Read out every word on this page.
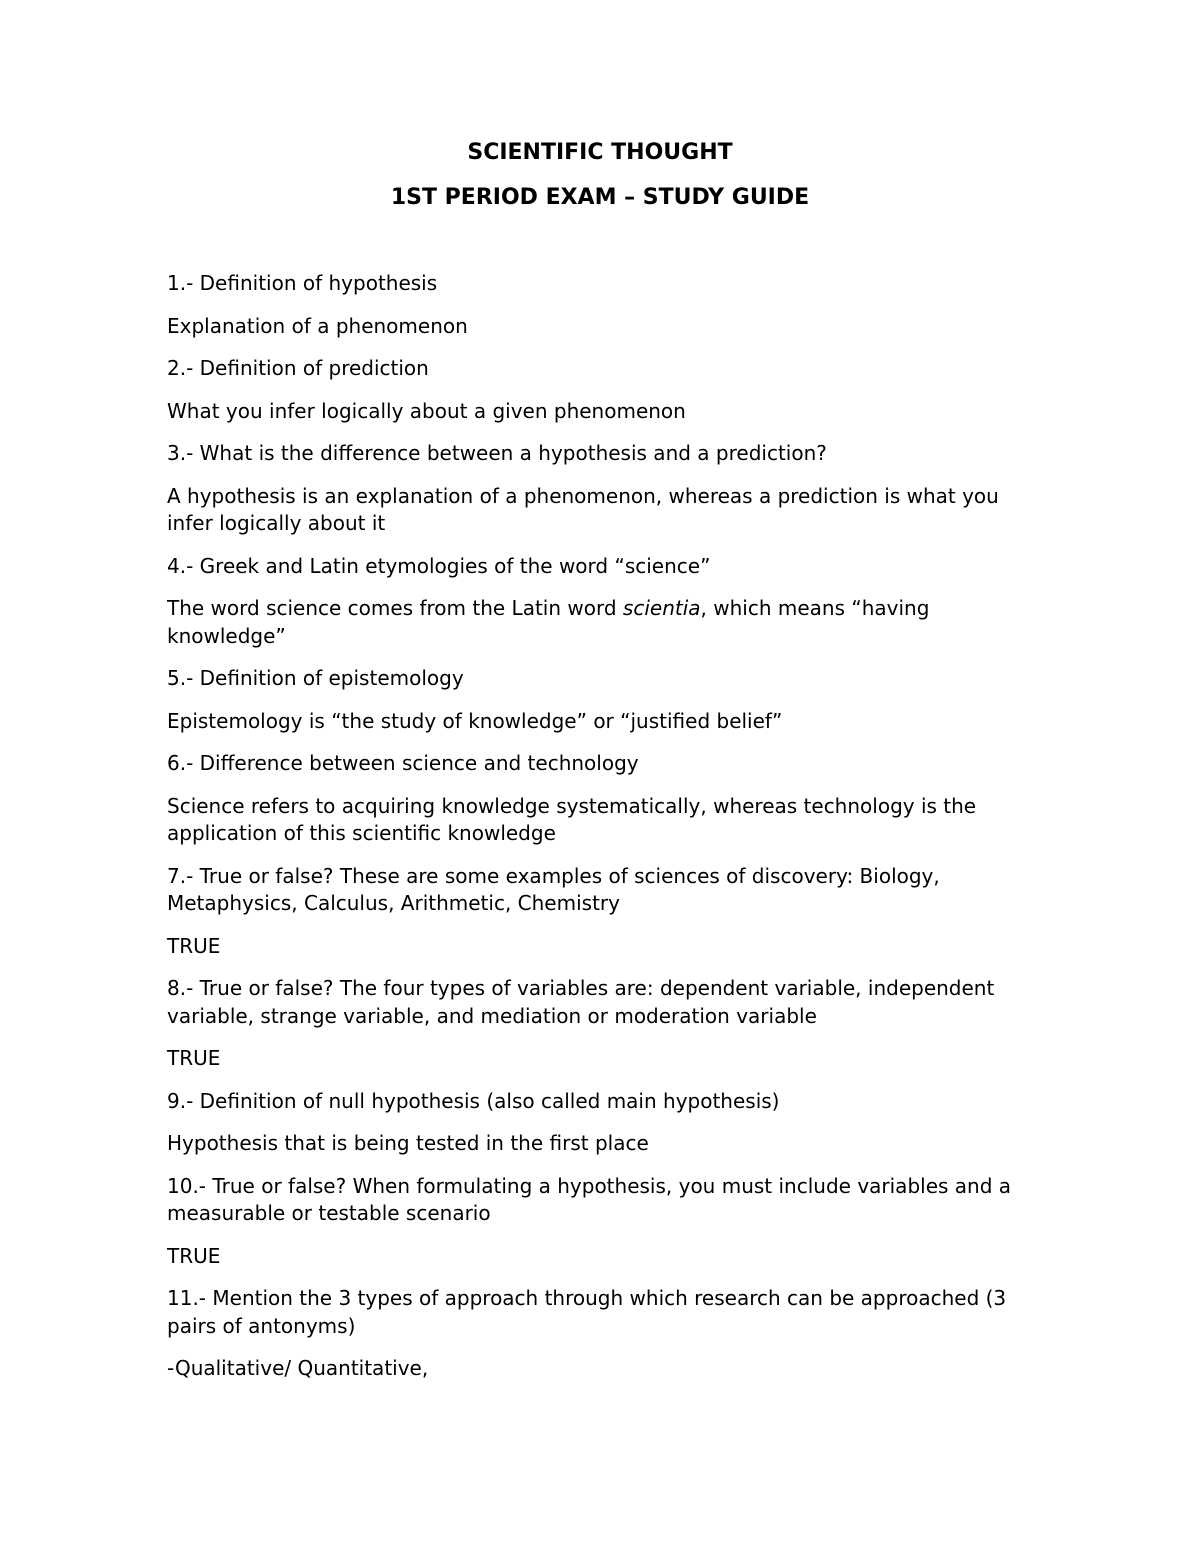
SCIENTIFIC THOUGHT
1ST PERIOD EXAM – STUDY GUIDE

1.- Definition of hypothesis

Explanation of a phenomenon

2.- Definition of prediction

What you infer logically about a given phenomenon

3.- What is the difference between a hypothesis and a prediction?

A hypothesis is an explanation of a phenomenon, whereas a prediction is what you infer logically about it

4.- Greek and Latin etymologies of the word “science”

The word science comes from the Latin word scientia, which means “having knowledge”

5.- Definition of epistemology

Epistemology is “the study of knowledge” or “justified belief”

6.- Difference between science and technology

Science refers to acquiring knowledge systematically, whereas technology is the application of this scientific knowledge

7.- True or false? These are some examples of sciences of discovery: Biology, Metaphysics, Calculus, Arithmetic, Chemistry

TRUE

8.- True or false? The four types of variables are: dependent variable, independent variable, strange variable, and mediation or moderation variable

TRUE

9.- Definition of null hypothesis (also called main hypothesis)

Hypothesis that is being tested in the first place

10.- True or false? When formulating a hypothesis, you must include variables and a measurable or testable scenario

TRUE

11.- Mention the 3 types of approach through which research can be approached (3 pairs of antonyms)

-Qualitative/ Quantitative,
